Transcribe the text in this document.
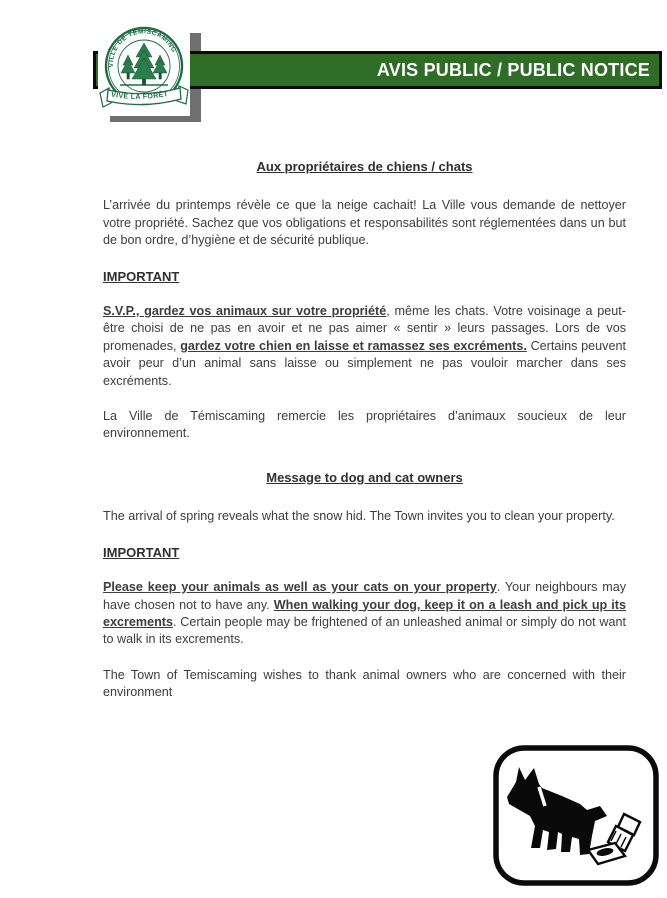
AVIS PUBLIC / PUBLIC NOTICE
VILLE DE TÉMISCAMING
VIVE LA FORÊT
Aux propriétaires de chiens / chats

L’arrivée du printemps révèle ce que la neige cachait! La Ville vous demande de nettoyer votre propriété. Sachez que vos obligations et responsabilités sont réglementées dans un but de bon ordre, d’hygiène et de sécurité publique.

IMPORTANT

S.V.P., gardez vos animaux sur votre propriété, même les chats. Votre voisinage a peut-être choisi de ne pas en avoir et ne pas aimer « sentir » leurs passages. Lors de vos promenades, gardez votre chien en laisse et ramassez ses excréments. Certains peuvent avoir peur d’un animal sans laisse ou simplement ne pas vouloir marcher dans ses excréments.

La Ville de Témiscaming remercie les propriétaires d’animaux soucieux de leur environnement.

Message to dog and cat owners

The arrival of spring reveals what the snow hid. The Town invites you to clean your property.

IMPORTANT

Please keep your animals as well as your cats on your property. Your neighbours may have chosen not to have any. When walking your dog, keep it on a leash and pick up its excrements. Certain people may be frightened of an unleashed animal or simply do not want to walk in its excrements.

The Town of Temiscaming wishes to thank animal owners who are concerned with their environment
